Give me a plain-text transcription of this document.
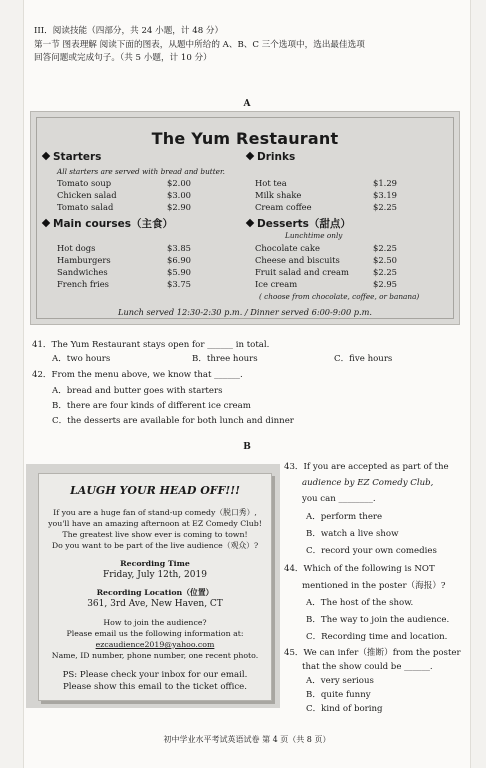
III．阅读技能（四部分，共 24 小题，计 48 分）
第一节 图表理解 阅读下面的图表，从题中所给的 A、B、C 三个选项中，选出最佳选项
回答问题或完成句子。（共 5 小题，计 10 分）
A
The Yum Restaurant
Starters
All starters are served with bread and butter.
Tomato soup	$2.00
Chicken salad	$3.00
Tomato salad	$2.90
Drinks
Hot tea	$1.29
Milk shake	$3.19
Cream coffee	$2.25
Main courses（主食）
Hot dogs	$3.85
Hamburgers	$6.90
Sandwiches	$5.90
French fries	$3.75
Desserts（甜点）
Lunchtime only
Chocolate cake	$2.25
Cheese and biscuits	$2.50
Fruit salad and cream	$2.25
Ice cream	$2.95
( choose from chocolate, coffee, or banana)
Lunch served 12:30-2:30 p.m. / Dinner served 6:00-9:00 p.m.
41．The Yum Restaurant stays open for ______ in total.
A．two hours	B．three hours	C．five hours
42．From the menu above, we know that ______.
A．bread and butter goes with starters
B．there are four kinds of different ice cream
C．the desserts are available for both lunch and dinner
B
LAUGH YOUR HEAD OFF!!!
If you are a huge fan of stand-up comedy（脱口秀）,
you'll have an amazing afternoon at EZ Comedy Club!
The greatest live show ever is coming to town!
Do you want to be part of the live audience（观众）?
Recording Time
Friday, July 12th, 2019
Recording Location（位置）
361, 3rd Ave, New Haven, CT
How to join the audience?
Please email us the following information at:
ezcaudience2019@yahoo.com
Name, ID number, phone number, one recent photo.
PS: Please check your inbox for our email.
Please show this email to the ticket office.
43．If you are accepted as part of the
audience by EZ Comedy Club,
you can ________.
A．perform there
B．watch a live show
C．record your own comedies
44．Which of the following is NOT
mentioned in the poster（海报）?
A．The host of the show.
B．The way to join the audience.
C．Recording time and location.
45．We can infer（推断）from the poster
that the show could be ______.
A．very serious
B．quite funny
C．kind of boring
初中学业水平考试英语试卷 第 4 页（共 8 页）
